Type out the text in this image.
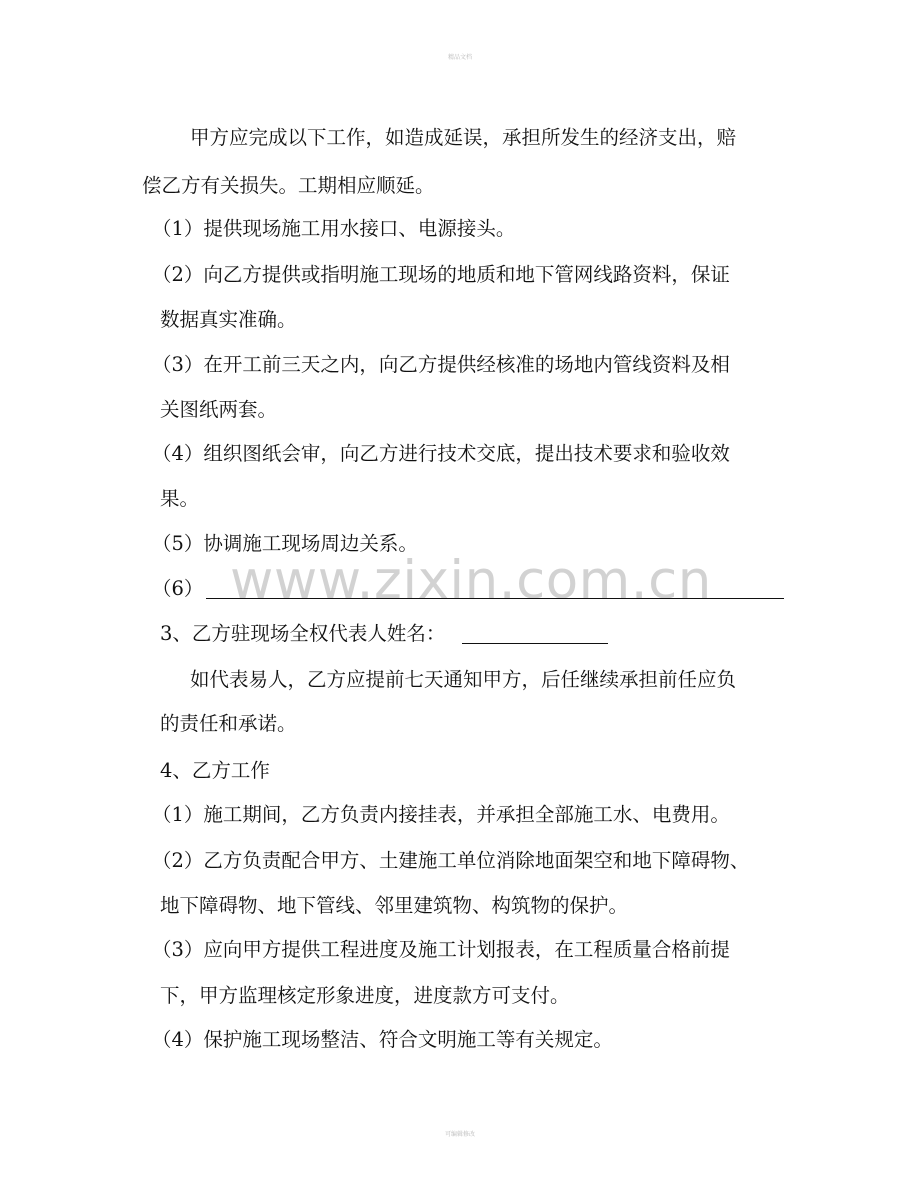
精品文档
www.zixin.com.cn
甲方应完成以下工作，如造成延误，承担所发生的经济支出，赔
偿乙方有关损失。工期相应顺延。
（1）提供现场施工用水接口、电源接头。
（2）向乙方提供或指明施工现场的地质和地下管网线路资料，保证
数据真实准确。
（3）在开工前三天之内，向乙方提供经核准的场地内管线资料及相
关图纸两套。
（4）组织图纸会审，向乙方进行技术交底，提出技术要求和验收效
果。
（5）协调施工现场周边关系。
（6）
3、乙方驻现场全权代表人姓名：
如代表易人，乙方应提前七天通知甲方，后任继续承担前任应负
的责任和承诺。
4、乙方工作
（1）施工期间，乙方负责内接挂表，并承担全部施工水、电费用。
（2）乙方负责配合甲方、土建施工单位消除地面架空和地下障碍物、
地下障碍物、地下管线、邻里建筑物、构筑物的保护。
（3）应向甲方提供工程进度及施工计划报表，在工程质量合格前提
下，甲方监理核定形象进度，进度款方可支付。
（4）保护施工现场整洁、符合文明施工等有关规定。
可编辑修改
